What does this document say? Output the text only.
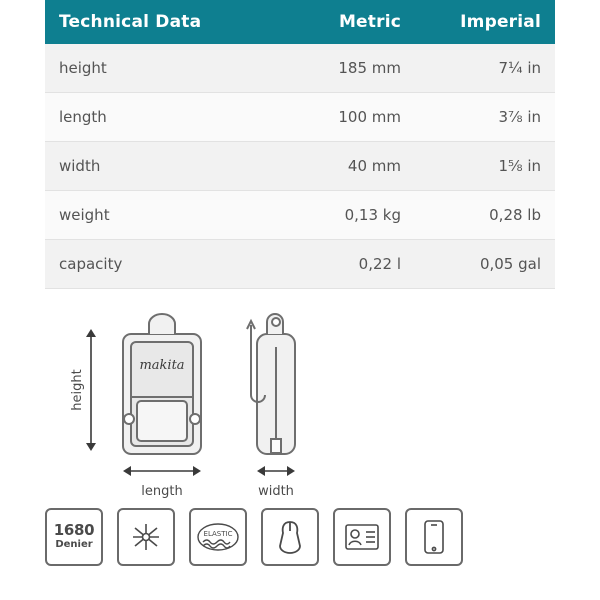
Technical Data	Metric	Imperial
height	185 mm	7¼ in
length	100 mm	3⅞ in
width	40 mm	1⅝ in
weight	0,13 kg	0,28 lb
capacity	0,22 l	0,05 gal
makita
height
length	width
1680
Denier
ELASTIC
